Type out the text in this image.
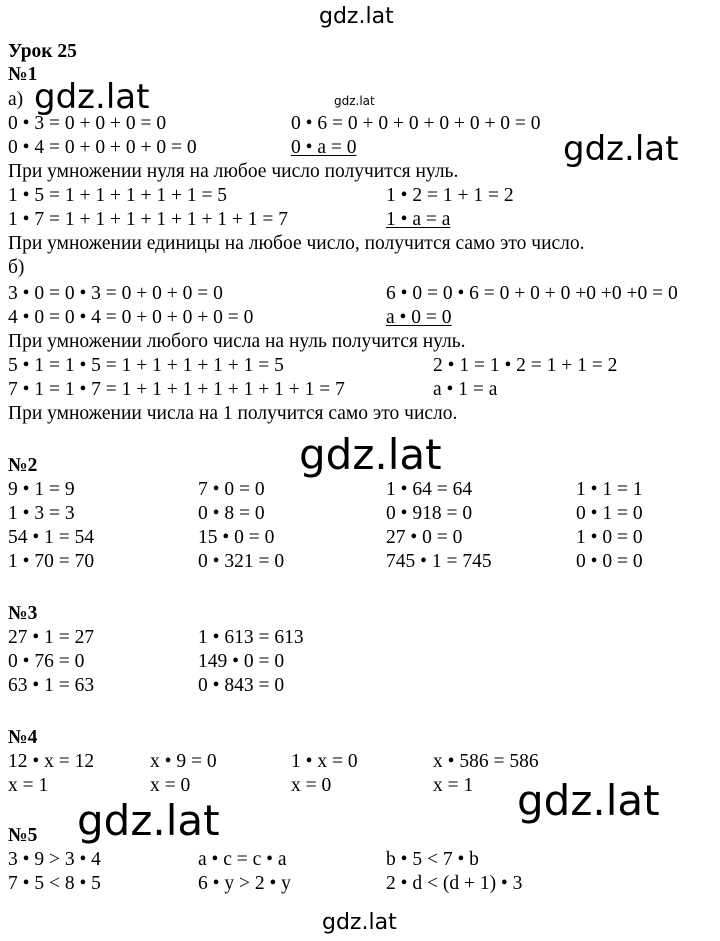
gdz.lat
gdz.lat	gdz.lat
gdz.lat
gdz.lat
gdz.lat
gdz.lat
gdz.lat
Урок 25
№1
а)
0 • 3 = 0 + 0 + 0 = 0	0 • 6 = 0 + 0 + 0 + 0 + 0 + 0 = 0
0 • 4 = 0 + 0 + 0 + 0 = 0	0 • a = 0
При умножении нуля на любое число получится нуль.
1 • 5 = 1 + 1 + 1 + 1 + 1 = 5	1 • 2 = 1 + 1 = 2
1 • 7 = 1 + 1 + 1 + 1 + 1 + 1 + 1 = 7	1 • a = a
При умножении единицы на любое число, получится само это число.
б)
3 • 0 = 0 • 3 = 0 + 0 + 0 = 0	6 • 0 = 0 • 6 = 0 + 0 + 0 +0 +0 +0 = 0
4 • 0 = 0 • 4 = 0 + 0 + 0 + 0 = 0	a • 0 = 0
При умножении любого числа на нуль получится нуль.
5 • 1 = 1 • 5 = 1 + 1 + 1 + 1 + 1 = 5	2 • 1 = 1 • 2 = 1 + 1 = 2
7 • 1 = 1 • 7 = 1 + 1 + 1 + 1 + 1 + 1 + 1 = 7	a • 1 = a
При умножении числа на 1 получится само это число.
№2
9 • 1 = 9	7 • 0 = 0	1 • 64 = 64	1 • 1 = 1
1 • 3 = 3	0 • 8 = 0	0 • 918 = 0	0 • 1 = 0
54 • 1 = 54	15 • 0 = 0	27 • 0 = 0	1 • 0 = 0
1 • 70 = 70	0 • 321 = 0	745 • 1 = 745	0 • 0 = 0
№3
27 • 1 = 27	1 • 613 = 613
0 • 76 = 0	149 • 0 = 0
63 • 1 = 63	0 • 843 = 0
№4
12 • x = 12	x • 9 = 0	1 • x = 0	x • 586 = 586
x = 1	x = 0	x = 0	x = 1
№5
3 • 9 > 3 • 4	a • c = c • a	b • 5 < 7 • b
7 • 5 < 8 • 5	6 • y > 2 • y	2 • d < (d + 1) • 3
